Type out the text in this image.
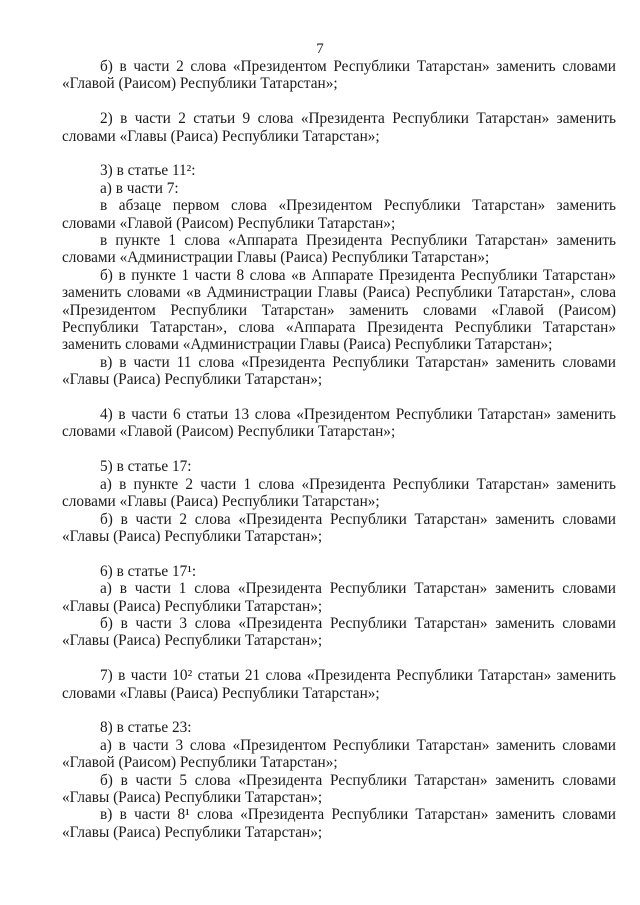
7

б) в части 2 слова «Президентом Республики Татарстан» заменить словами «Главой (Раисом) Республики Татарстан»;

2) в части 2 статьи 9 слова «Президента Республики Татарстан» заменить словами «Главы (Раиса) Республики Татарстан»;

3) в статье 11²:

а) в части 7:

в абзаце первом слова «Президентом Республики Татарстан» заменить словами «Главой (Раисом) Республики Татарстан»;

в пункте 1 слова «Аппарата Президента Республики Татарстан» заменить словами «Администрации Главы (Раиса) Республики Татарстан»;

б) в пункте 1 части 8 слова «в Аппарате Президента Республики Татарстан» заменить словами «в Администрации Главы (Раиса) Республики Татарстан», слова «Президентом Республики Татарстан» заменить словами «Главой (Раисом) Республики Татарстан», слова «Аппарата Президента Республики Татарстан» заменить словами «Администрации Главы (Раиса) Республики Татарстан»;

в) в части 11 слова «Президента Республики Татарстан» заменить словами «Главы (Раиса) Республики Татарстан»;

4) в части 6 статьи 13 слова «Президентом Республики Татарстан» заменить словами «Главой (Раисом) Республики Татарстан»;

5) в статье 17:

а) в пункте 2 части 1 слова «Президента Республики Татарстан» заменить словами «Главы (Раиса) Республики Татарстан»;

б) в части 2 слова «Президента Республики Татарстан» заменить словами «Главы (Раиса) Республики Татарстан»;

6) в статье 17¹:

а) в части 1 слова «Президента Республики Татарстан» заменить словами «Главы (Раиса) Республики Татарстан»;

б) в части 3 слова «Президента Республики Татарстан» заменить словами «Главы (Раиса) Республики Татарстан»;

7) в части 10² статьи 21 слова «Президента Республики Татарстан» заменить словами «Главы (Раиса) Республики Татарстан»;

8) в статье 23:

а) в части 3 слова «Президентом Республики Татарстан» заменить словами «Главой (Раисом) Республики Татарстан»;

б) в части 5 слова «Президента Республики Татарстан» заменить словами «Главы (Раиса) Республики Татарстан»;

в) в части 8¹ слова «Президента Республики Татарстан» заменить словами «Главы (Раиса) Республики Татарстан»;
